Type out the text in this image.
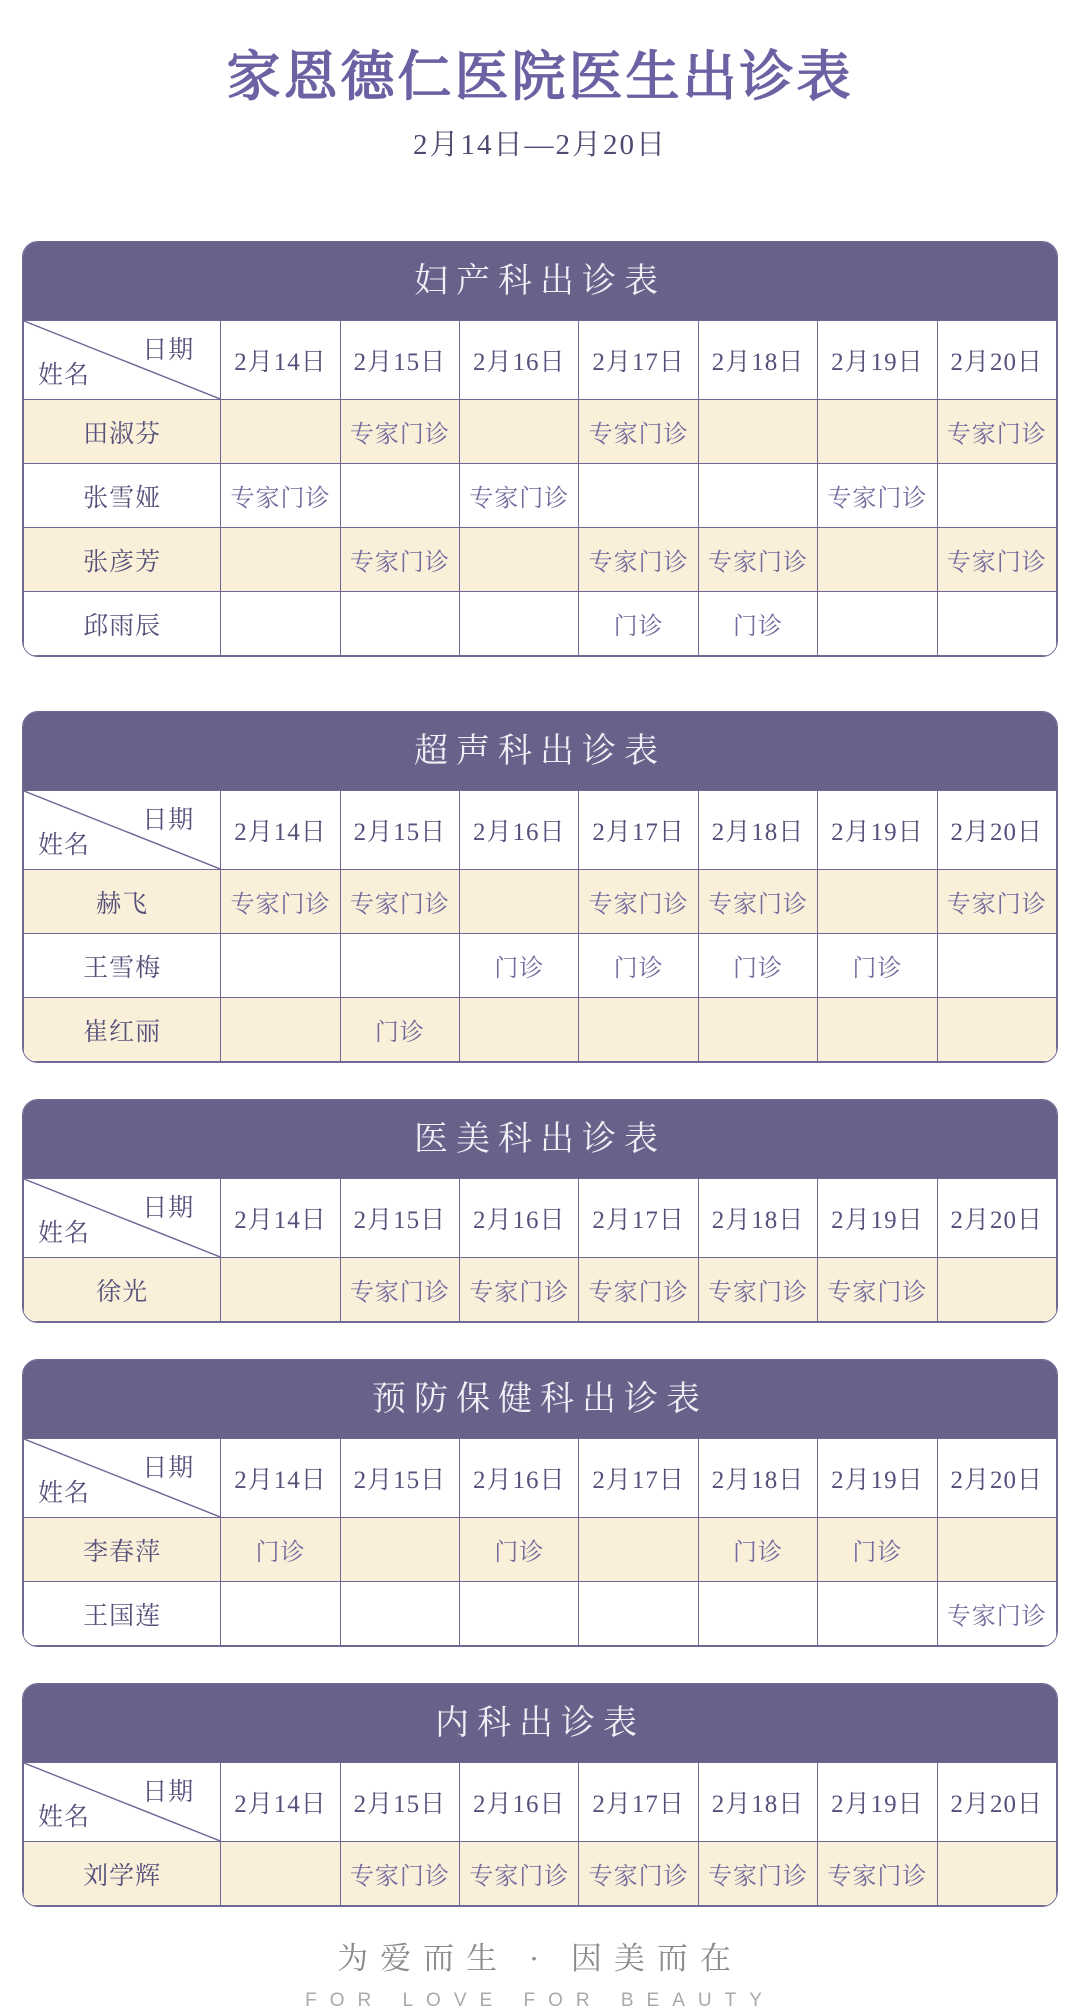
家恩德仁医院医生出诊表
2月14日—2月20日
妇产科出诊表
日期
姓名	2月14日	2月15日	2月16日	2月17日	2月18日	2月19日	2月20日
田淑芬		专家门诊		专家门诊			专家门诊
张雪娅	专家门诊		专家门诊			专家门诊	
张彦芳		专家门诊		专家门诊	专家门诊		专家门诊
邱雨辰				门诊	门诊		
超声科出诊表
日期
姓名	2月14日	2月15日	2月16日	2月17日	2月18日	2月19日	2月20日
赫飞	专家门诊	专家门诊		专家门诊	专家门诊		专家门诊
王雪梅			门诊	门诊	门诊	门诊	
崔红丽		门诊					
医美科出诊表
日期
姓名	2月14日	2月15日	2月16日	2月17日	2月18日	2月19日	2月20日
徐光		专家门诊	专家门诊	专家门诊	专家门诊	专家门诊	
预防保健科出诊表
日期
姓名	2月14日	2月15日	2月16日	2月17日	2月18日	2月19日	2月20日
李春萍	门诊		门诊		门诊	门诊	
王国莲							专家门诊
内科出诊表
日期
姓名	2月14日	2月15日	2月16日	2月17日	2月18日	2月19日	2月20日
刘学辉		专家门诊	专家门诊	专家门诊	专家门诊	专家门诊	
为爱而生 · 因美而在
FOR LOVE FOR BEAUTY
